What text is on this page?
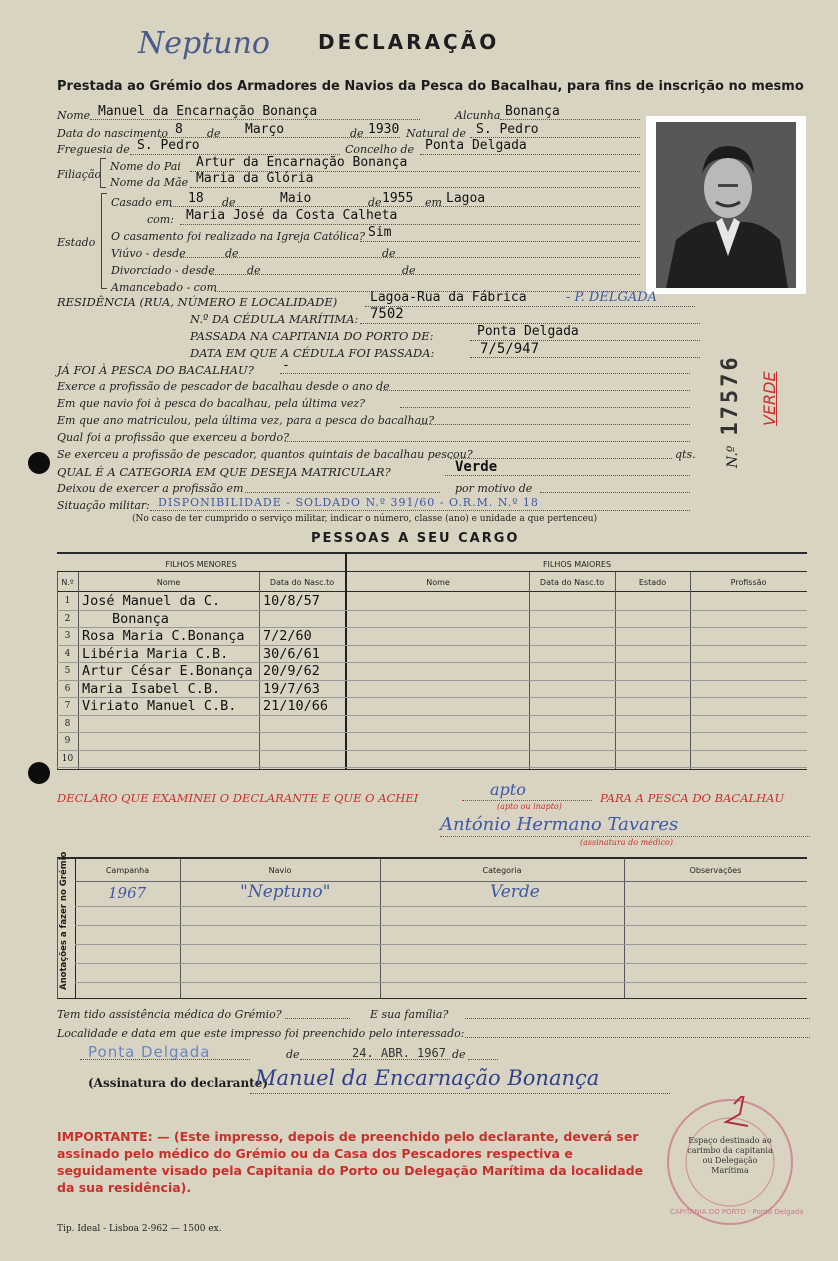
Neptuno DECLARAÇÃO
Prestada ao Grémio dos Armadores de Navios da Pesca do Bacalhau, para fins de inscrição no mesmo
N.º
17576 VERDE
Nome Manuel da Encarnação Bonança	Alcunha Bonança
Data do nascimento 8 de Março	de 1930 Natural de S. Pedro
Freguesia de S. Pedro	Concelho de Ponta Delgada
Filiação
Nome do Pai Artur da Encarnação Bonança
Nome da Mãe Maria da Glória
Estado
Casado em 18 de	Maio	de 1955 em Lagoa
com: Maria José da Costa Calheta
O casamento foi realizado na Igreja Católica? Sim
Viúvo - desde	de	de
Divorciado - desde	de	de
Amancebado - com
RESIDÊNCIA (RUA, NÚMERO E LOCALIDADE)	Lagoa-Rua da Fábrica	- P. DELGADA
N.º DA CÉDULA MARÍTIMA: 7502
PASSADA NA CAPITANIA DO PORTO DE:	Ponta Delgada
DATA EM QUE A CÉDULA FOI PASSADA:	7/5/947
JÁ FOI À PESCA DO BACALHAU? -
Exerce a profissão de pescador de bacalhau desde o ano de
Em que navio foi à pesca do bacalhau, pela última vez?
Em que ano matriculou, pela última vez, para a pesca do bacalhau?
Qual foi a profissão que exerceu a bordo?
Se exerceu a profissão de pescador, quantos quintais de bacalhau pescou?	qts.
QUAL É A CATEGORIA EM QUE DESEJA MATRICULAR?	Verde
Deixou de exercer a profissão em	por motivo de
Situação militar: DISPONIBILIDADE - SOLDADO N.º 391/60 - O.R.M. N.º 18
(No caso de ter cumprido o serviço militar, indicar o número, classe (ano) e unidade a que pertenceu)
PESSOAS A SEU CARGO
FILHOS MENORES	FILHOS MAIORES
N.º	Nome	Data do Nasc.to	Nome	Data do Nasc.to	Estado	Profissão
1 José Manuel da C.	10/8/57
2	Bonança
3 Rosa Maria C.Bonança 7/2/60
4 Libéria Maria C.B.	30/6/61
5 Artur César E.Bonança 20/9/62
6 Maria Isabel C.B.	19/7/63
7 Viriato Manuel C.B. 21/10/66
8
9
10
DECLARO QUE EXAMINEI O DECLARANTE E QUE O ACHEI	apto
(apto ou inapto)
PARA A PESCA DO BACALHAU
António Hermano Tavares
(assinatura do médico)
Anotações a fazer no Grémio	Campanha	Navio	Categoria	Observações
1967	"Neptuno"	Verde
Tem tido assistência médica do Grémio?	E sua família?
Localidade e data em que este impresso foi preenchido pelo interessado:
Ponta Delgada	de	24. ABR. 1967 de
(Assinatura do declarante)
Manuel da Encarnação Bonança
IMPORTANTE: — (Este impresso, depois de preenchido pelo declarante, deverá ser assinado pelo médico do Grémio ou da Casa dos Pescadores respectiva e seguidamente visado pela Capitania do Porto ou Delegação Marítima da localidade da sua residência).
Espaço destinado ao carimbo da capitania ou Delegação Marítima
CAPITANIA DO PORTO · Ponta Delgada
Tip. Ideal - Lisboa 2-962 — 1500 ex.
